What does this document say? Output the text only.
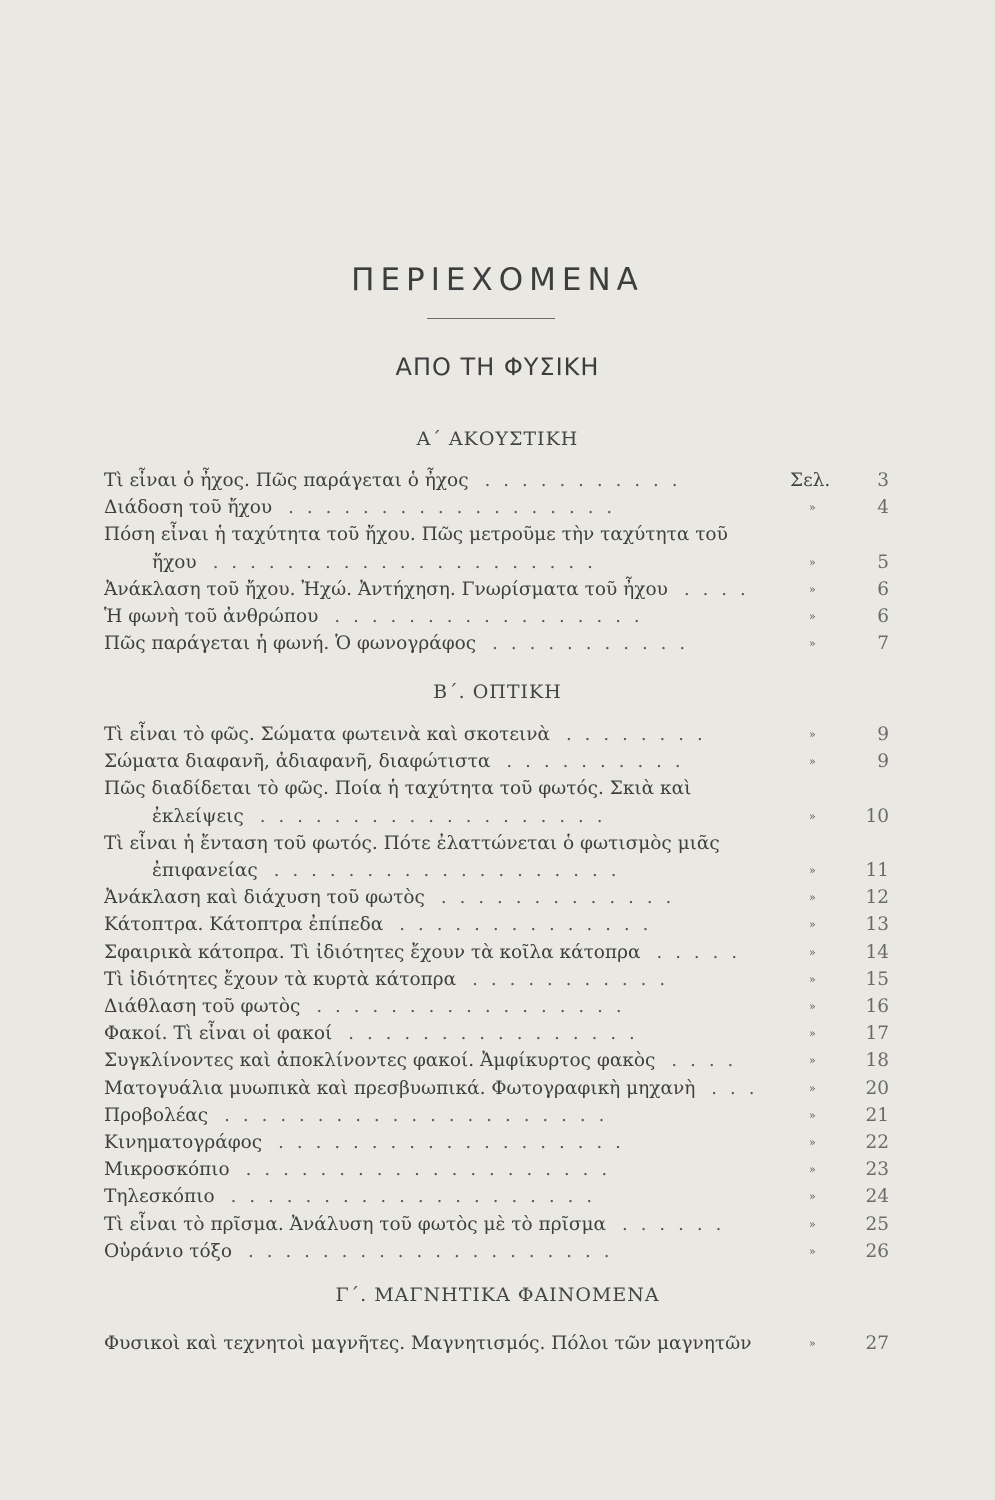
ΠΕΡΙΕΧΟΜΕΝΑ
ΑΠΟ ΤΗ ΦΥΣΙΚΗ
Α΄ ΑΚΟΥΣΤΙΚΗ
Τὶ εἶναι ὁ ἦχος. Πῶς παράγεται ὁ ἦχος ...........	Σελ.	3
Διάδοση τοῦ ἤχου ..................	»	4
Πόση εἶναι ἡ ταχύτητα τοῦ ἤχου. Πῶς μετροῦμε τὴν ταχύτητα τοῦ
ἤχου .....................	»	5
Ἀνάκλαση τοῦ ἤχου. Ἠχώ. Ἀντήχηση. Γνωρίσματα τοῦ ἦχου ....	»	6
Ἡ φωνὴ τοῦ ἀνθρώπου .................	»	6
Πῶς παράγεται ἡ φωνή. Ὁ φωνογράφος ...........	»	7
Β΄. ΟΠΤΙΚΗ
Τὶ εἶναι τὸ φῶς. Σώματα φωτεινὰ καὶ σκοτεινὰ ........	»	9
Σώματα διαφανῆ, ἀδιαφανῆ, διαφώτιστα ..........	»	9
Πῶς διαδίδεται τὸ φῶς. Ποία ἡ ταχύτητα τοῦ φωτός. Σκιὰ καὶ
ἐκλείψεις ...................	»	10
Τὶ εἶναι ἡ ἔνταση τοῦ φωτός. Πότε ἐλαττώνεται ὁ φωτισμὸς μιᾶς
ἐπιφανείας ...................	»	11
Ἀνάκλαση καὶ διάχυση τοῦ φωτὸς .............	»	12
Κάτοπτρα. Κάτοπτρα ἐπίπεδα ..............	»	13
Σφαιρικὰ κάτοπρα. Τὶ ἰδιότητες ἔχουν τὰ κοῖλα κάτοπρα .....	»	14
Τὶ ἰδιότητες ἔχουν τὰ κυρτὰ κάτοπρα ...........	»	15
Διάθλαση τοῦ φωτὸς .................	»	16
Φακοί. Τὶ εἶναι οἱ φακοί ................	»	17
Συγκλίνοντες καὶ ἀποκλίνοντες φακοί. Ἀμφίκυρτος φακὸς ....	»	18
Ματογυάλια μυωπικὰ καὶ πρεσβυωπικά. Φωτογραφικὴ μηχανὴ ...	»	20
Προβολέας .....................	»	21
Κινηματογράφος ...................	»	22
Μικροσκόπιο ....................	»	23
Τηλεσκόπιο ....................	»	24
Τὶ εἶναι τὸ πρῖσμα. Ἀνάλυση τοῦ φωτὸς μὲ τὸ πρῖσμα ......	»	25
Οὐράνιο τόξο ....................	»	26
Γ΄. ΜΑΓΝΗΤΙΚΑ ΦΑΙΝΟΜΕΝΑ
Φυσικοὶ καὶ τεχνητοὶ μαγνῆτες. Μαγνητισμός. Πόλοι τῶν μαγνητῶν	»	27
